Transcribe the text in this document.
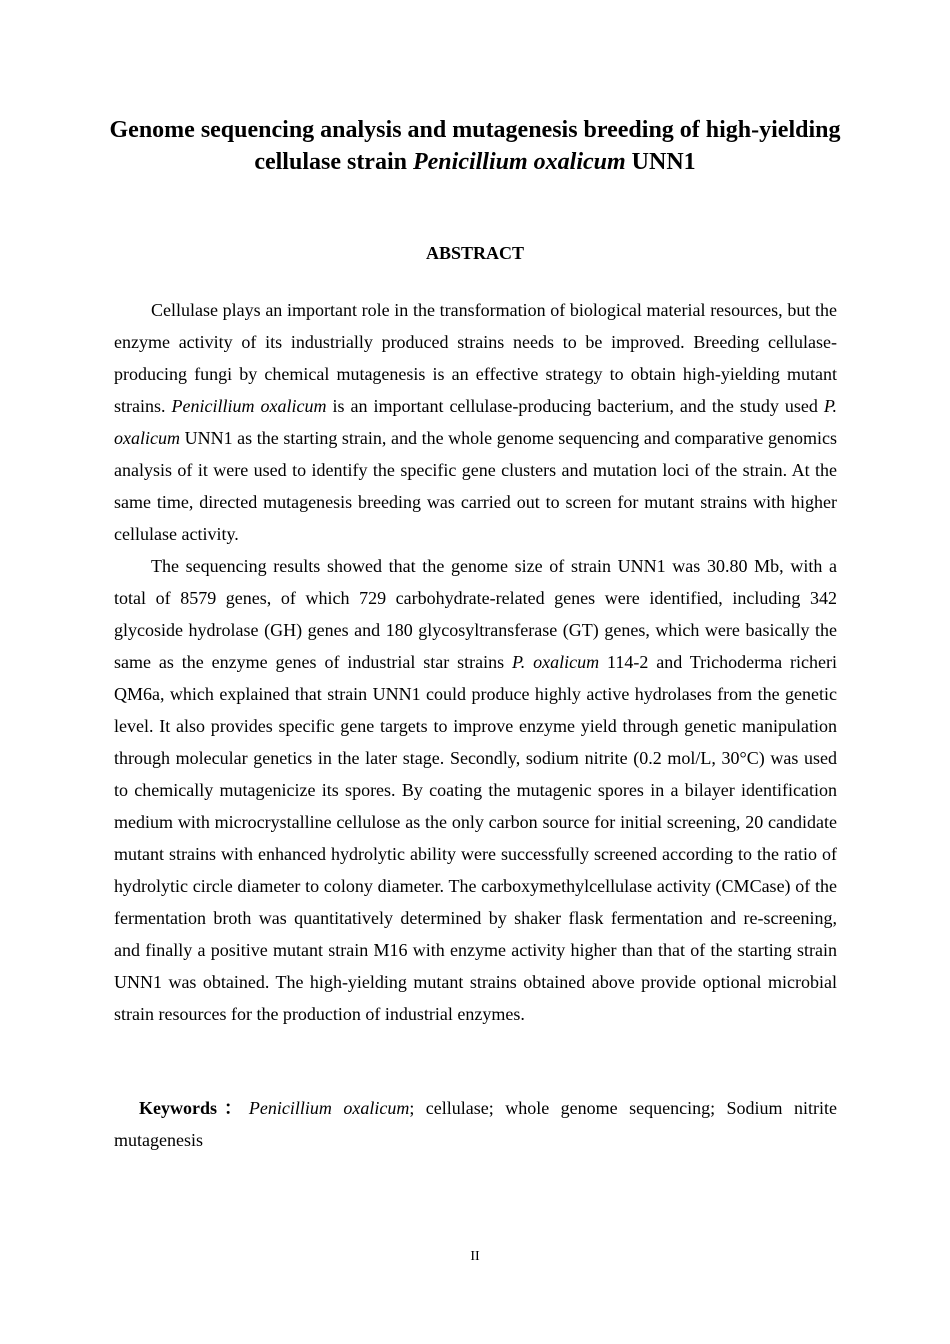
Genome sequencing analysis and mutagenesis breeding of high-yielding cellulase strain Penicillium oxalicum UNN1
ABSTRACT

Cellulase plays an important role in the transformation of biological material resources, but the enzyme activity of its industrially produced strains needs to be improved. Breeding cellulase-producing fungi by chemical mutagenesis is an effective strategy to obtain high-yielding mutant strains. Penicillium oxalicum is an important cellulase-producing bacterium, and the study used P. oxalicum UNN1 as the starting strain, and the whole genome sequencing and comparative genomics analysis of it were used to identify the specific gene clusters and mutation loci of the strain. At the same time, directed mutagenesis breeding was carried out to screen for mutant strains with higher cellulase activity.

The sequencing results showed that the genome size of strain UNN1 was 30.80 Mb, with a total of 8579 genes, of which 729 carbohydrate-related genes were identified, including 342 glycoside hydrolase (GH) genes and 180 glycosyltransferase (GT) genes, which were basically the same as the enzyme genes of industrial star strains P. oxalicum 114-2 and Trichoderma richeri QM6a, which explained that strain UNN1 could produce highly active hydrolases from the genetic level. It also provides specific gene targets to improve enzyme yield through genetic manipulation through molecular genetics in the later stage. Secondly, sodium nitrite (0.2 mol/L, 30°C) was used to chemically mutagenicize its spores. By coating the mutagenic spores in a bilayer identification medium with microcrystalline cellulose as the only carbon source for initial screening, 20 candidate mutant strains with enhanced hydrolytic ability were successfully screened according to the ratio of hydrolytic circle diameter to colony diameter. The carboxymethylcellulase activity (CMCase) of the fermentation broth was quantitatively determined by shaker flask fermentation and re-screening, and finally a positive mutant strain M16 with enzyme activity higher than that of the starting strain UNN1 was obtained. The high-yielding mutant strains obtained above provide optional microbial strain resources for the production of industrial enzymes.

Keywords：Penicillium oxalicum; cellulase; whole genome sequencing; Sodium nitrite mutagenesis
II
